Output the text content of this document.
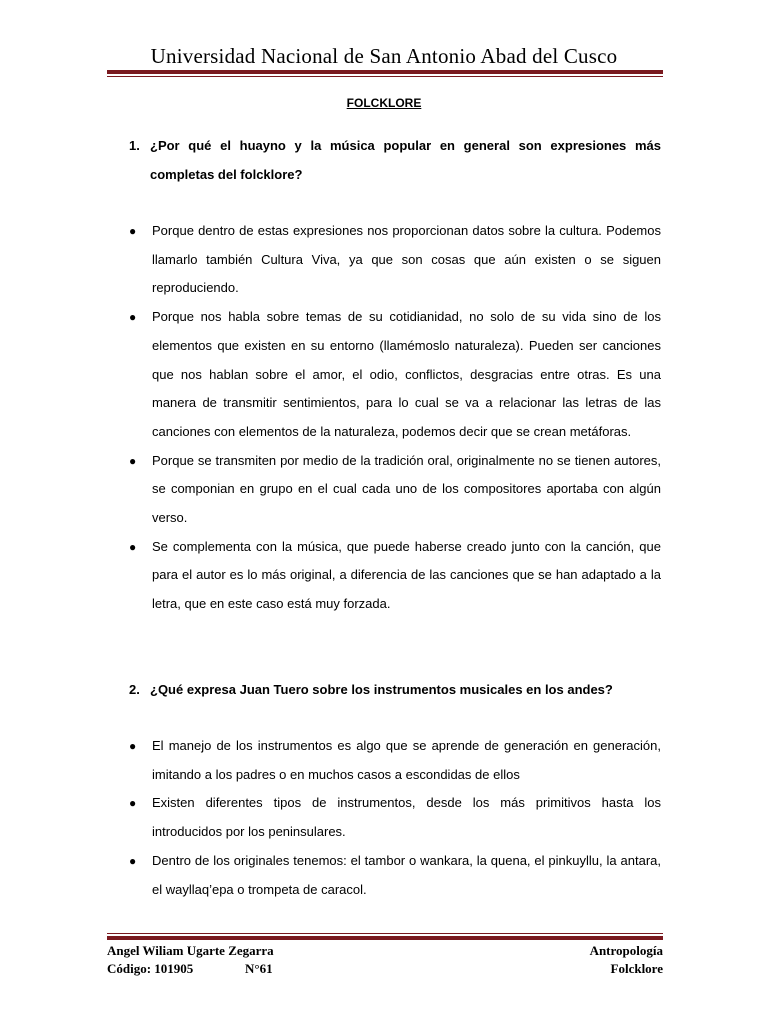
Universidad Nacional de San Antonio Abad del Cusco
FOLCKLORE
1. ¿Por qué el huayno y la música popular en general son expresiones más completas del folcklore?
● Porque dentro de estas expresiones nos proporcionan datos sobre la cultura. Podemos llamarlo también Cultura Viva, ya que son cosas que aún existen o se siguen reproduciendo.
● Porque nos habla sobre temas de su cotidianidad, no solo de su vida sino de los elementos que existen en su entorno (llamémoslo naturaleza). Pueden ser canciones que nos hablan sobre el amor, el odio, conflictos, desgracias entre otras. Es una manera de transmitir sentimientos, para lo cual se va a relacionar las letras de las canciones con elementos de la naturaleza, podemos decir que se crean metáforas.
● Porque se transmiten por medio de la tradición oral, originalmente no se tienen autores, se componian en grupo en el cual cada uno de los compositores aportaba con algún verso.
● Se complementa con la música, que puede haberse creado junto con la canción, que para el autor es lo más original, a diferencia de las canciones que se han adaptado a la letra, que en este caso está muy forzada.
2. ¿Qué expresa Juan Tuero sobre los instrumentos musicales en los andes?
● El manejo de los instrumentos es algo que se aprende de generación en generación, imitando a los padres o en muchos casos a escondidas de ellos
● Existen diferentes tipos de instrumentos, desde los más primitivos hasta los introducidos por los peninsulares.
● Dentro de los originales tenemos: el tambor o wankara, la quena, el pinkuyllu, la antara, el wayllaq’epa o trompeta de caracol.
Angel Wiliam Ugarte Zegarra
Código: 101905	N°61
Antropología
Folcklore
